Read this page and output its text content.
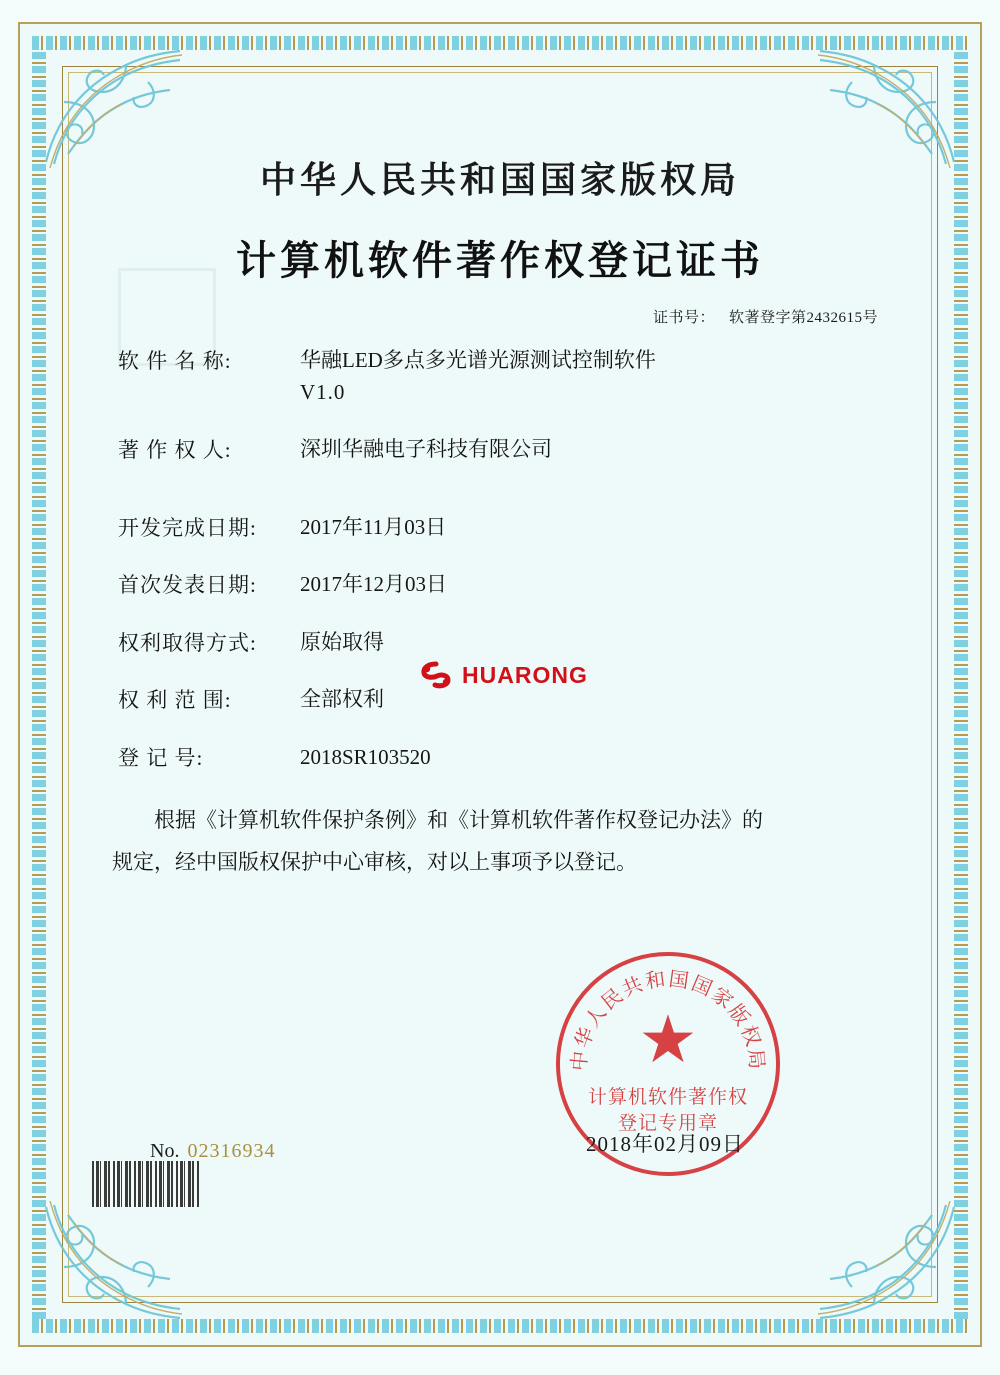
中华人民共和国国家版权局
计算机软件著作权登记证书
证书号： 软著登字第2432615号
软 件 名 称:	华融LED多点多光谱光源测试控制软件
V1.0
著 作 权 人:	深圳华融电子科技有限公司
开发完成日期:	2017年11月03日
首次发表日期:	2017年12月03日
权利取得方式:	原始取得
权 利 范 围:	全部权利
登 记 号:	2018SR103520
根据《计算机软件保护条例》和《计算机软件著作权登记办法》的
规定，经中国版权保护中心审核，对以上事项予以登记。
HUARONG
中华人民共和国国家版权局
★
计算机软件著作权
登记专用章
2018年02月09日
No. 02316934
